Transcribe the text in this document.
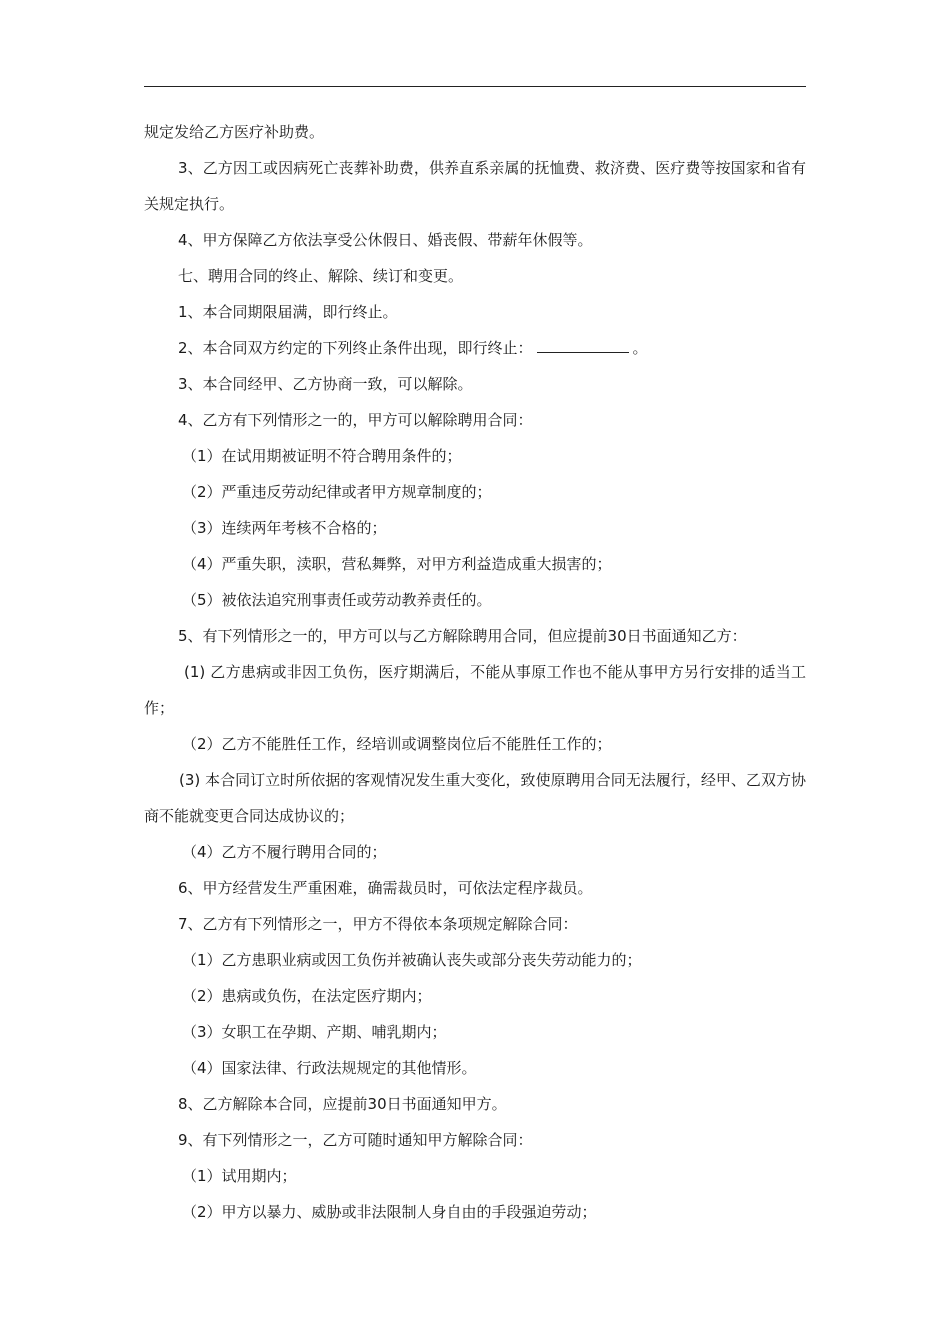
规定发给乙方医疗补助费。

3、乙方因工或因病死亡丧葬补助费，供养直系亲属的抚恤费、救济费、医疗费等按国家和省有关规定执行。

4、甲方保障乙方依法享受公休假日、婚丧假、带薪年休假等。

七、聘用合同的终止、解除、续订和变更。

1、本合同期限届满，即行终止。

2、本合同双方约定的下列终止条件出现，即行终止：	。

3、本合同经甲、乙方协商一致，可以解除。

4、乙方有下列情形之一的，甲方可以解除聘用合同：

（1）在试用期被证明不符合聘用条件的；

（2）严重违反劳动纪律或者甲方规章制度的；

（3）连续两年考核不合格的；

（4）严重失职，渎职，营私舞弊，对甲方利益造成重大损害的；

（5）被依法追究刑事责任或劳动教养责任的。

5、有下列情形之一的，甲方可以与乙方解除聘用合同，但应提前30日书面通知乙方：

(1) 乙方患病或非因工负伤，医疗期满后，不能从事原工作也不能从事甲方另行安排的适当工作；

（2）乙方不能胜任工作，经培训或调整岗位后不能胜任工作的；

(3) 本合同订立时所依据的客观情况发生重大变化，致使原聘用合同无法履行，经甲、乙双方协商不能就变更合同达成协议的；

（4）乙方不履行聘用合同的；

6、甲方经营发生严重困难，确需裁员时，可依法定程序裁员。

7、乙方有下列情形之一，甲方不得依本条项规定解除合同：

（1）乙方患职业病或因工负伤并被确认丧失或部分丧失劳动能力的；

（2）患病或负伤，在法定医疗期内；

（3）女职工在孕期、产期、哺乳期内；

（4）国家法律、行政法规规定的其他情形。

8、乙方解除本合同，应提前30日书面通知甲方。

9、有下列情形之一，乙方可随时通知甲方解除合同：

（1）试用期内；

（2）甲方以暴力、威胁或非法限制人身自由的手段强迫劳动；
